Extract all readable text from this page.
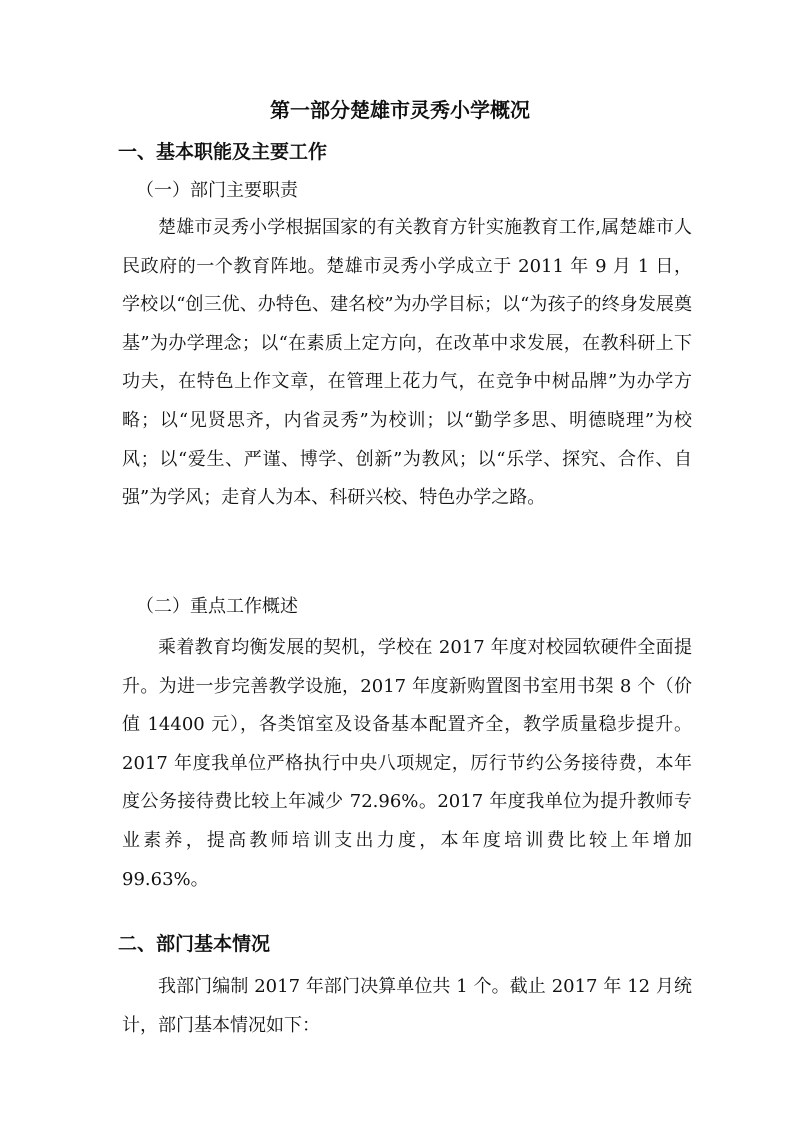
第一部分楚雄市灵秀小学概况
一、基本职能及主要工作
（一）部门主要职责

楚雄市灵秀小学根据国家的有关教育方针实施教育工作,属楚雄市人民政府的一个教育阵地。楚雄市灵秀小学成立于 2011 年 9 月 1 日，学校以“创三优、办特色、建名校”为办学目标；以“为孩子的终身发展奠基”为办学理念；以“在素质上定方向，在改革中求发展，在教科研上下功夫，在特色上作文章，在管理上花力气，在竞争中树品牌”为办学方略；以“见贤思齐，内省灵秀”为校训；以“勤学多思、明德晓理”为校风；以“爱生、严谨、博学、创新”为教风；以“乐学、探究、合作、自强”为学风；走育人为本、科研兴校、特色办学之路。

（二）重点工作概述

乘着教育均衡发展的契机，学校在 2017 年度对校园软硬件全面提升。为进一步完善教学设施，2017 年度新购置图书室用书架 8 个（价值 14400 元），各类馆室及设备基本配置齐全，教学质量稳步提升。2017 年度我单位严格执行中央八项规定，厉行节约公务接待费，本年度公务接待费比较上年减少 72.96%。2017 年度我单位为提升教师专业素养，提高教师培训支出力度，本年度培训费比较上年增加 99.63%。

二、部门基本情况

我部门编制 2017 年部门决算单位共 1 个。截止 2017 年 12 月统计，部门基本情况如下：
